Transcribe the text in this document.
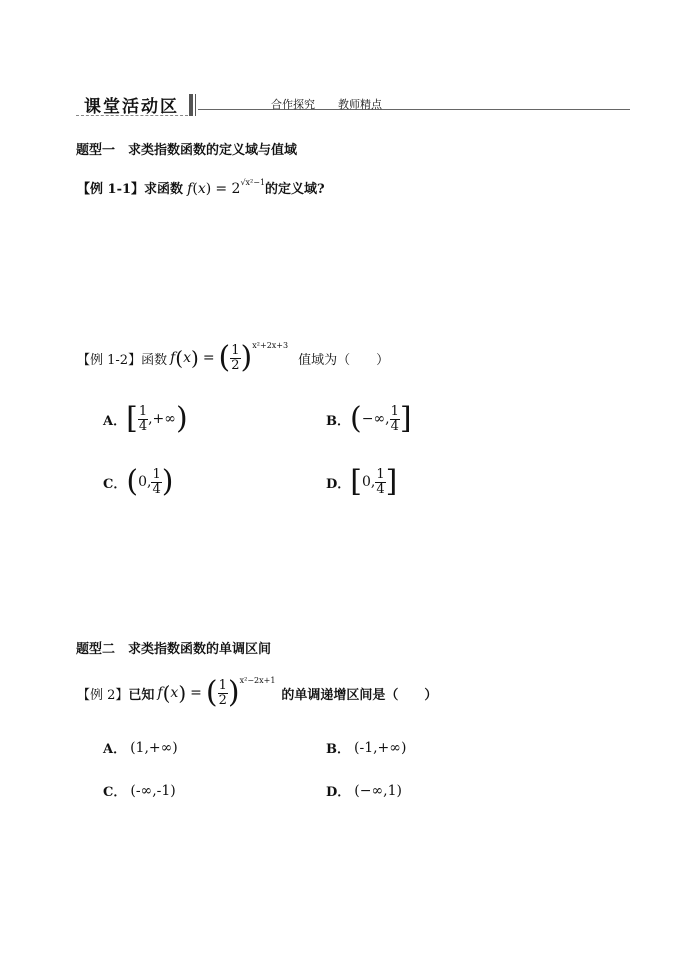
课堂活动区	合作探究 教师精点
题型一　求类指数函数的定义域与值域
【例 1-1】求函数 $f(x) = 2^{√x^2-1}$的定义域?
【例 1-2】 函数 f ( x ) = ( $\frac{1}{2}$ ) x²+2x+3
值域为（　　）
A． [ $\frac{1}{4}$ ,+∞ )	B． ( −∞, $\frac{1}{4}$ ]
C． ( 0, $\frac{1}{4}$ )	D． [ 0, $\frac{1}{4}$ ]
题型二　求类指数函数的单调区间
【例 2】 已知 f ( x ) = ( $\frac{1}{2}$ ) x²−2x+1
的单调递增区间是（　　）
A． (1,+∞)	B． (-1,+∞)
C． (-∞,-1)	D． (−∞,1)
